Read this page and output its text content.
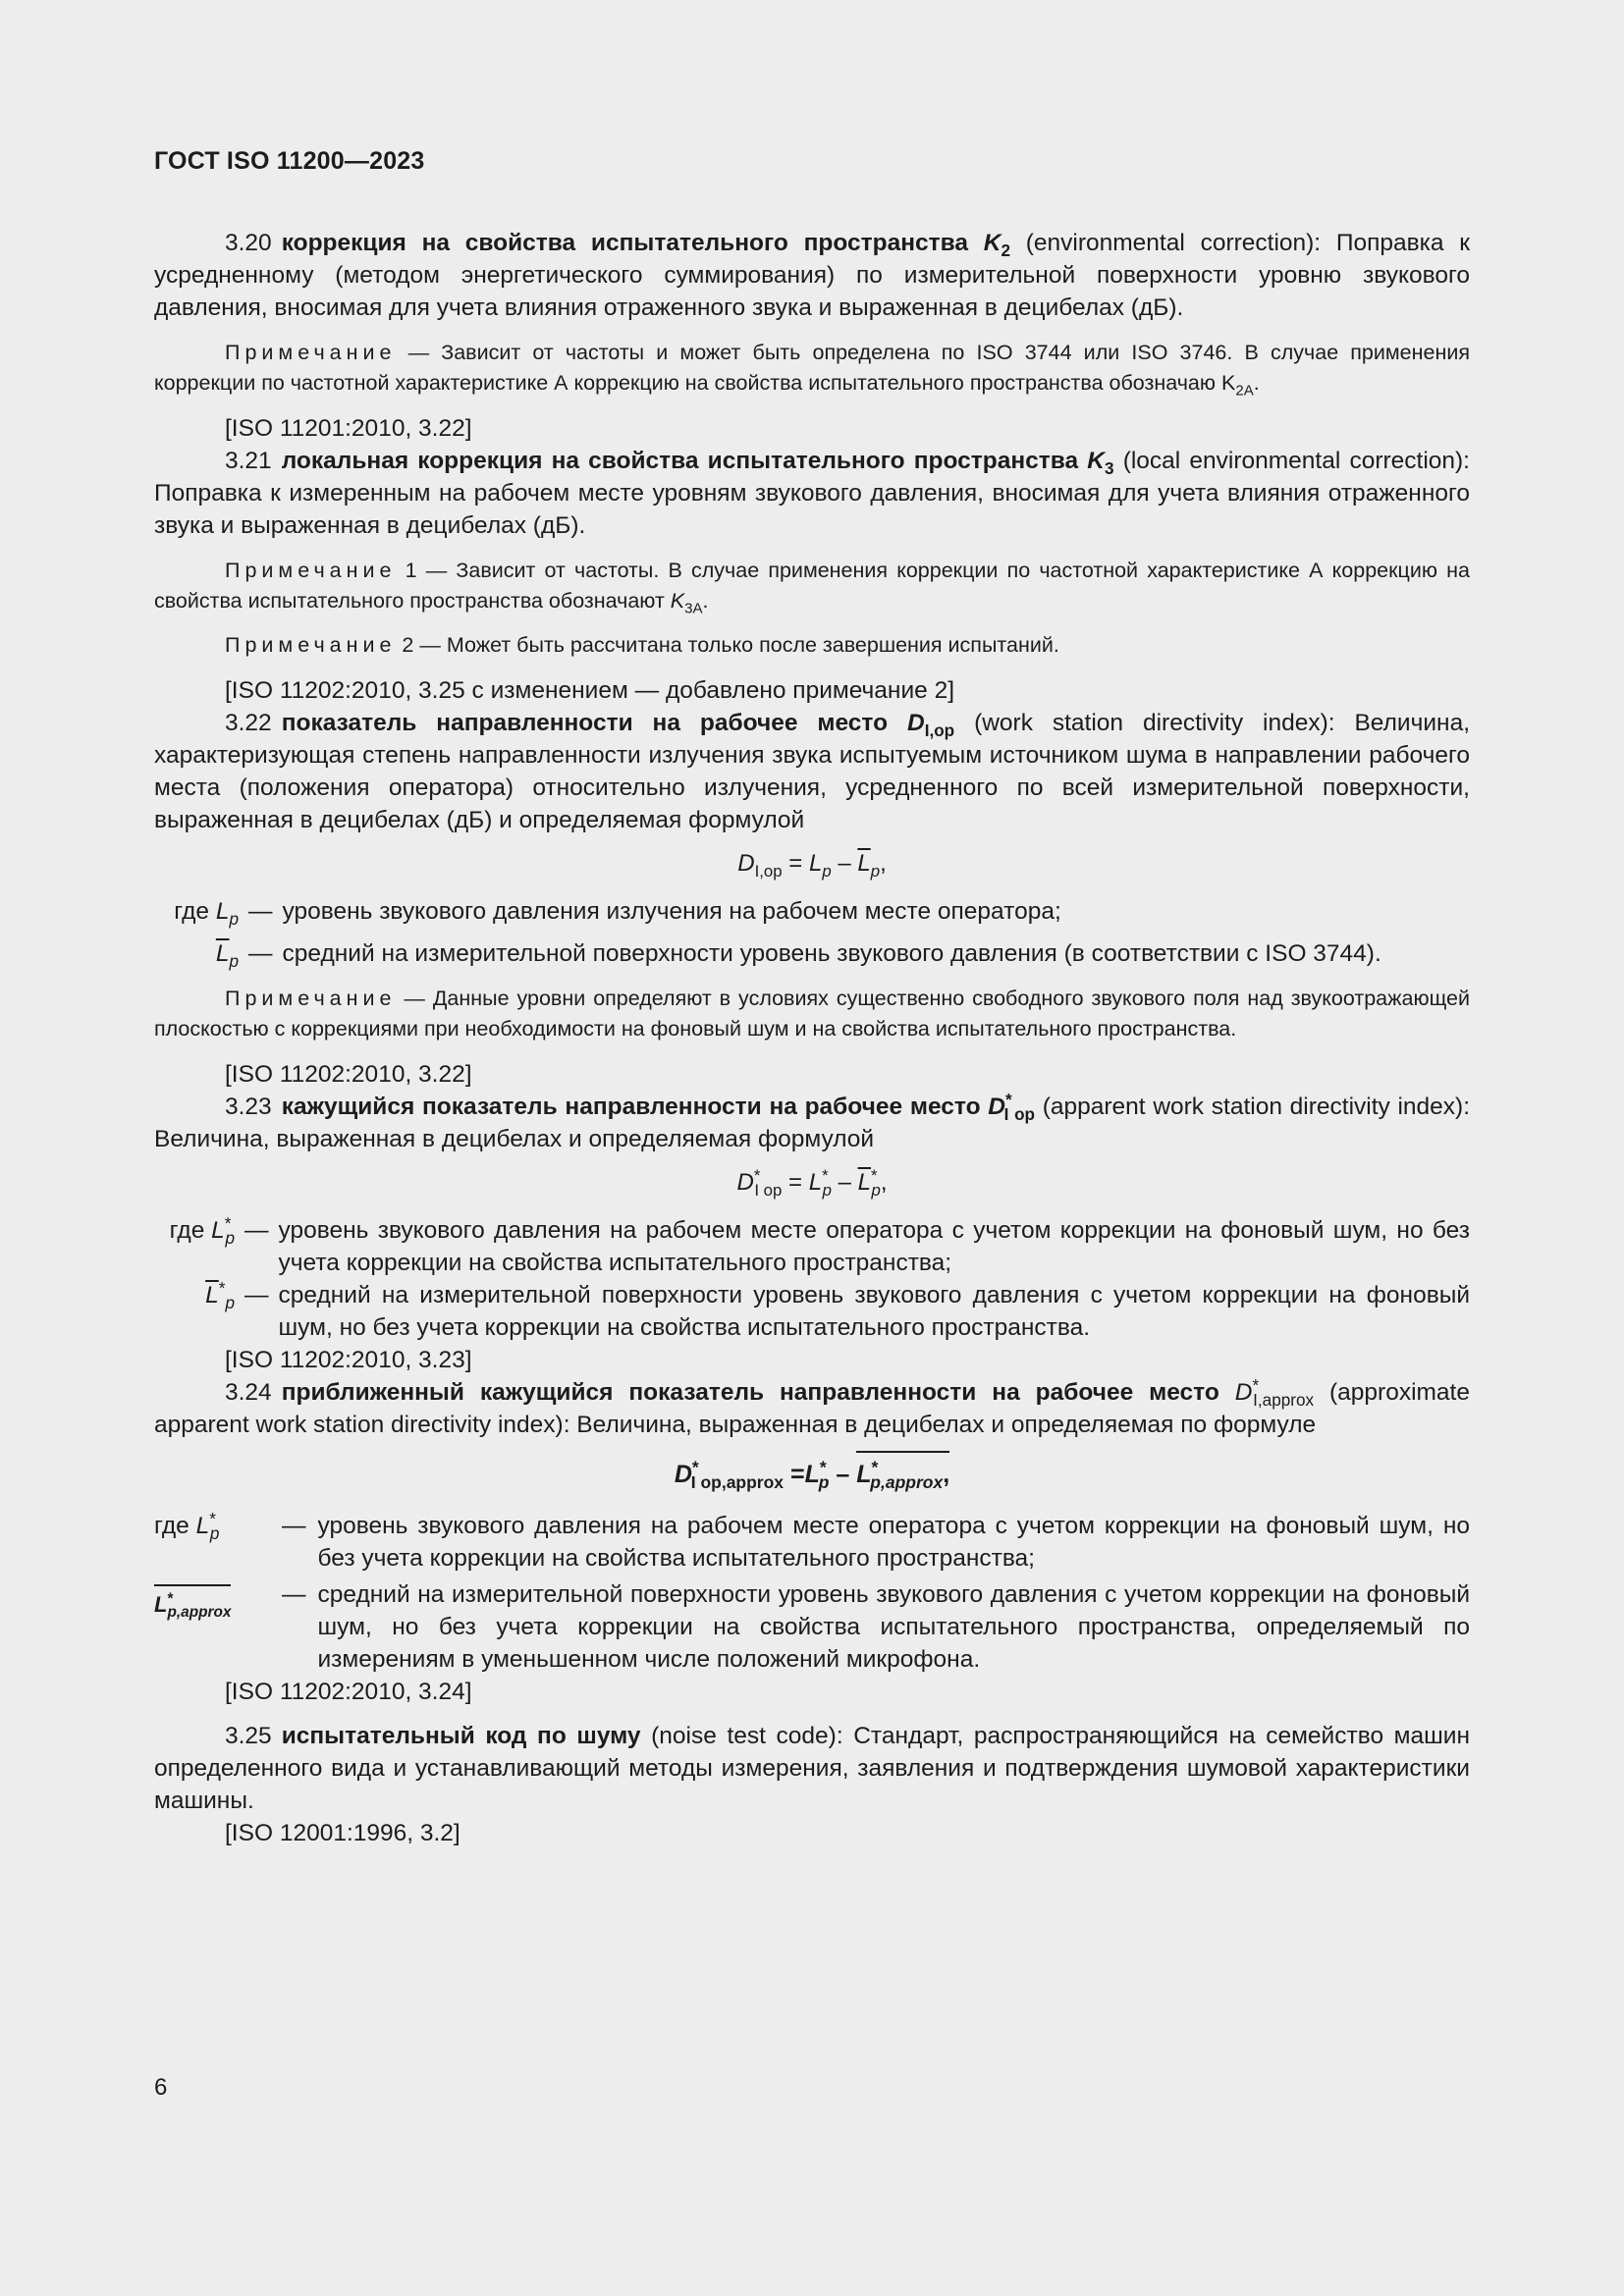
ГОСТ ISO 11200—2023

3.20 коррекция на свойства испытательного пространства $K_2$ (environmental correction): Поправка к усредненному (методом энергетического суммирования) по измерительной поверхности уровню звукового давления, вносимая для учета влияния отраженного звука и выраженная в децибелах (дБ).

Примечание — Зависит от частоты и может быть определена по ISO 3744 или ISO 3746. В случае применения коррекции по частотной характеристике А коррекцию на свойства испытательного пространства обозначаю $K_{2A}$.

[ISO 11201:2010, 3.22]

3.21 локальная коррекция на свойства испытательного пространства $K_3$ (local environmental correction): Поправка к измеренным на рабочем месте уровням звукового давления, вносимая для учета влияния отраженного звука и выраженная в децибелах (дБ).

Примечание 1 — Зависит от частоты. В случае применения коррекции по частотной характеристике А коррекцию на свойства испытательного пространства обозначают $K_{3A}$.

Примечание 2 — Может быть рассчитана только после завершения испытаний.

[ISO 11202:2010, 3.25 с изменением — добавлено примечание 2]

3.22 показатель направленности на рабочее место $D_{I,op}$ (work station directivity index): Величина, характеризующая степень направленности излучения звука испытуемым источником шума в направлении рабочего места (положения оператора) относительно излучения, усредненного по всей измерительной поверхности, выраженная в децибелах (дБ) и определяемая формулой

$D_{I,op} = L_p - \overline{L}_p$,
где $L_p$ — уровень звукового давления излучения на рабочем месте оператора;
$\overline{L}_p$ — средний на измерительной поверхности уровень звукового давления (в соответствии с ISO 3744).

Примечание — Данные уровни определяют в условиях существенно свободного звукового поля над звукоотражающей плоскостью с коррекциями при необходимости на фоновый шум и на свойства испытательного пространства.

[ISO 11202:2010, 3.22]

3.23 кажущийся показатель направленности на рабочее место $D^*_{I op}$ (apparent work station directivity index): Величина, выраженная в децибелах и определяемая формулой

$D^*_{I op} = L^*_p - \overline{L}^*_p$,
где $L^*_p$ — уровень звукового давления на рабочем месте оператора с учетом коррекции на фоновый шум, но без учета коррекции на свойства испытательного пространства;
$\overline{L}^*_p$ — средний на измерительной поверхности уровень звукового давления с учетом коррекции на фоновый шум, но без учета коррекции на свойства испытательного пространства.

[ISO 11202:2010, 3.23]

3.24 приближенный кажущийся показатель направленности на рабочее место $D^*_{I,approx}$ (approximate apparent work station directivity index): Величина, выраженная в децибелах и определяемая по формуле

$D^*_{I op,approx} =L^*_p - L^*_{p,approx}$,
где $L^*_p$	— уровень звукового давления на рабочем месте оператора с учетом коррекции на фоновый шум, но без учета коррекции на свойства испытательного пространства;
$L^*_{p,approx}$
— средний на измерительной поверхности уровень звукового давления с учетом коррекции на фоновый шум, но без учета коррекции на свойства испытательного пространства, определяемый по измерениям в уменьшенном числе положений микрофона.

[ISO 11202:2010, 3.24]

3.25 испытательный код по шуму (noise test code): Стандарт, распространяющийся на семейство машин определенного вида и устанавливающий методы измерения, заявления и подтверждения шумовой характеристики машины.

[ISO 12001:1996, 3.2]

6
